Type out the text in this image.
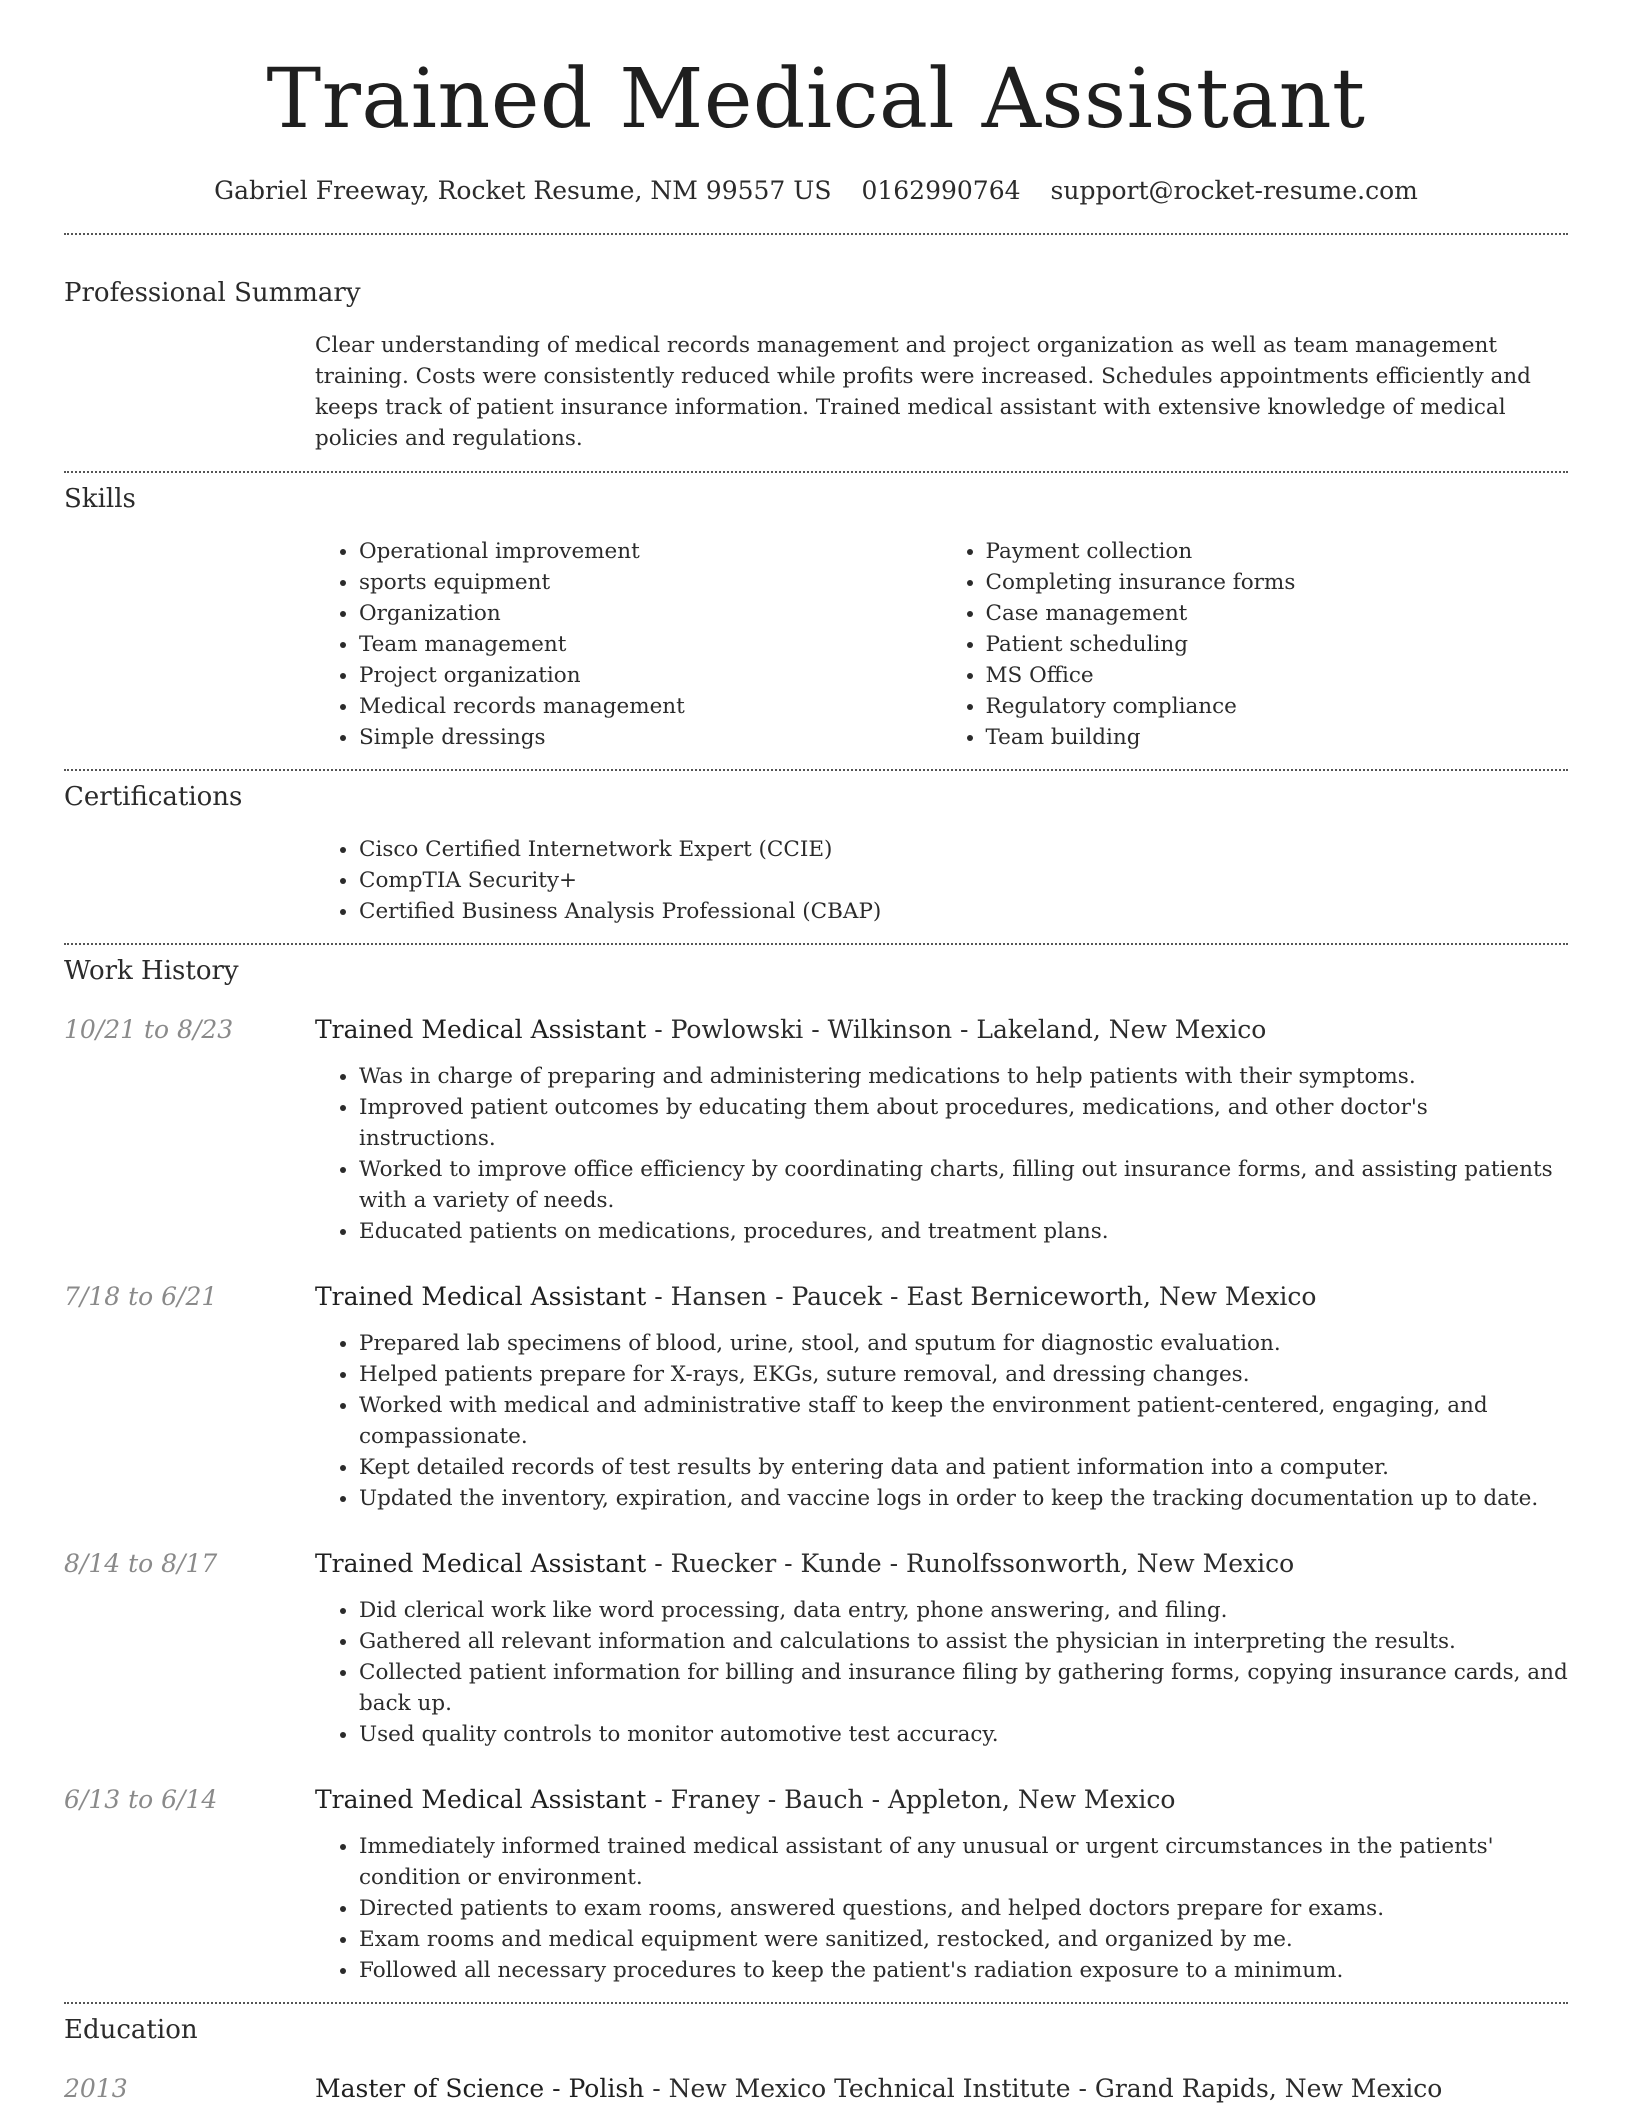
Trained Medical Assistant
Gabriel Freeway, Rocket Resume, NM 99557 US 0162990764 support@rocket-resume.com
Professional Summary
Clear understanding of medical records management and project organization as well as team management training. Costs were consistently reduced while profits were increased. Schedules appointments efficiently and keeps track of patient insurance information. Trained medical assistant with extensive knowledge of medical policies and regulations.
Skills
• Operational improvement
• sports equipment
• Organization
• Team management
• Project organization
• Medical records management
• Simple dressings
• Payment collection
• Completing insurance forms
• Case management
• Patient scheduling
• MS Office
• Regulatory compliance
• Team building
Certifications
• Cisco Certified Internetwork Expert (CCIE)
• CompTIA Security+
• Certified Business Analysis Professional (CBAP)
Work History
10/21 to 8/23	Trained Medical Assistant - Powlowski - Wilkinson - Lakeland, New Mexico
• Was in charge of preparing and administering medications to help patients with their symptoms.
• Improved patient outcomes by educating them about procedures, medications, and other doctor's instructions.
• Worked to improve office efficiency by coordinating charts, filling out insurance forms, and assisting patients with a variety of needs.
• Educated patients on medications, procedures, and treatment plans.
7/18 to 6/21	Trained Medical Assistant - Hansen - Paucek - East Berniceworth, New Mexico
• Prepared lab specimens of blood, urine, stool, and sputum for diagnostic evaluation.
• Helped patients prepare for X-rays, EKGs, suture removal, and dressing changes.
• Worked with medical and administrative staff to keep the environment patient-centered, engaging, and compassionate.
• Kept detailed records of test results by entering data and patient information into a computer.
• Updated the inventory, expiration, and vaccine logs in order to keep the tracking documentation up to date.
8/14 to 8/17	Trained Medical Assistant - Ruecker - Kunde - Runolfssonworth, New Mexico
• Did clerical work like word processing, data entry, phone answering, and filing.
• Gathered all relevant information and calculations to assist the physician in interpreting the results.
• Collected patient information for billing and insurance filing by gathering forms, copying insurance cards, and back up.
• Used quality controls to monitor automotive test accuracy.
6/13 to 6/14	Trained Medical Assistant - Franey - Bauch - Appleton, New Mexico
• Immediately informed trained medical assistant of any unusual or urgent circumstances in the patients' condition or environment.
• Directed patients to exam rooms, answered questions, and helped doctors prepare for exams.
• Exam rooms and medical equipment were sanitized, restocked, and organized by me.
• Followed all necessary procedures to keep the patient's radiation exposure to a minimum.
Education
2013	Master of Science - Polish - New Mexico Technical Institute - Grand Rapids, New Mexico
